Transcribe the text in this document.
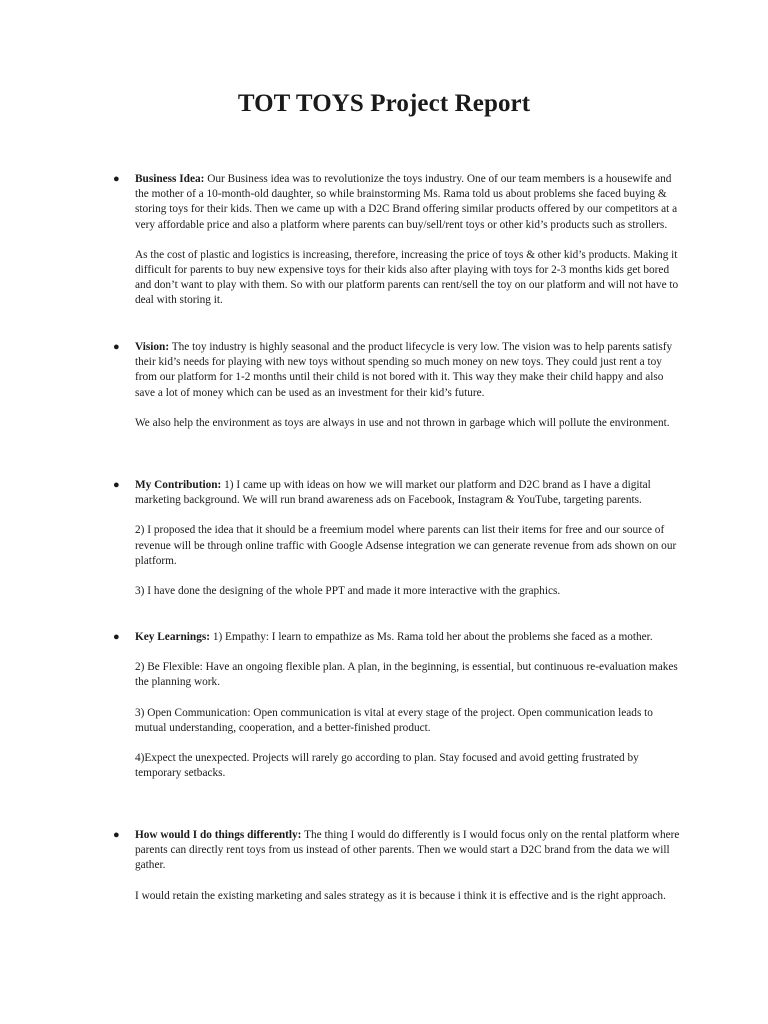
TOT TOYS Project Report
● Business Idea: Our Business idea was to revolutionize the toys industry. One of our team members is a housewife and the mother of a 10-month-old daughter, so while brainstorming Ms. Rama told us about problems she faced buying & storing toys for their kids. Then we came up with a D2C Brand offering similar products offered by our competitors at a very affordable price and also a platform where parents can buy/sell/rent toys or other kid’s products such as strollers.

As the cost of plastic and logistics is increasing, therefore, increasing the price of toys & other kid’s products. Making it difficult for parents to buy new expensive toys for their kids also after playing with toys for 2-3 months kids get bored and don’t want to play with them. So with our platform parents can rent/sell the toy on our platform and will not have to deal with storing it.

● Vision: The toy industry is highly seasonal and the product lifecycle is very low. The vision was to help parents satisfy their kid’s needs for playing with new toys without spending so much money on new toys. They could just rent a toy from our platform for 1-2 months until their child is not bored with it. This way they make their child happy and also save a lot of money which can be used as an investment for their kid’s future.

We also help the environment as toys are always in use and not thrown in garbage which will pollute the environment.

● My Contribution: 1) I came up with ideas on how we will market our platform and D2C brand as I have a digital marketing background. We will run brand awareness ads on Facebook, Instagram & YouTube, targeting parents.

2) I proposed the idea that it should be a freemium model where parents can list their items for free and our source of revenue will be through online traffic with Google Adsense integration we can generate revenue from ads shown on our platform.

3) I have done the designing of the whole PPT and made it more interactive with the graphics.

● Key Learnings: 1) Empathy: I learn to empathize as Ms. Rama told her about the problems she faced as a mother.

2) Be Flexible: Have an ongoing flexible plan. A plan, in the beginning, is essential, but continuous re-evaluation makes the planning work.

3) Open Communication: Open communication is vital at every stage of the project. Open communication leads to mutual understanding, cooperation, and a better-finished product.

4)Expect the unexpected. Projects will rarely go according to plan. Stay focused and avoid getting frustrated by temporary setbacks.

● How would I do things differently: The thing I would do differently is I would focus only on the rental platform where parents can directly rent toys from us instead of other parents. Then we would start a D2C brand from the data we will gather.

I would retain the existing marketing and sales strategy as it is because i think it is effective and is the right approach.
